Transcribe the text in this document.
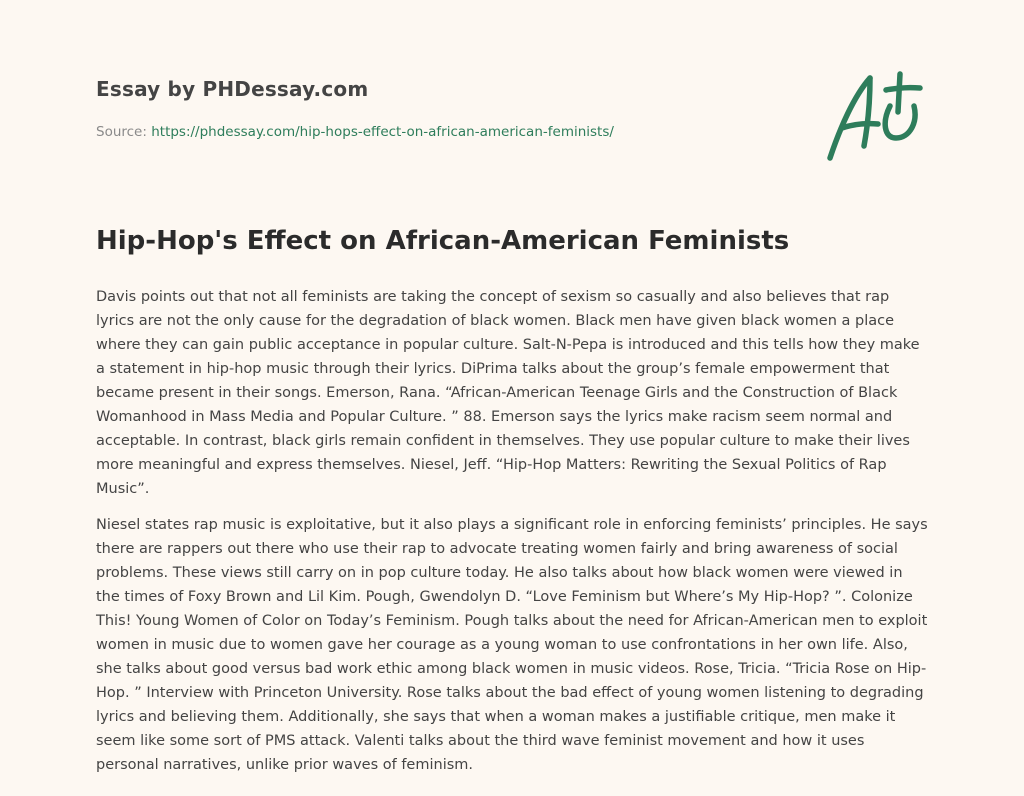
Essay by PHDessay.com
Source: https://phdessay.com/hip-hops-effect-on-african-american-feminists/
Hip-Hop's Effect on African-American Feminists

Davis points out that not all feminists are taking the concept of sexism so casually and also believes that rap lyrics are not the only cause for the degradation of black women. Black men have given black women a place where they can gain public acceptance in popular culture. Salt-N-Pepa is introduced and this tells how they make a statement in hip-hop music through their lyrics. DiPrima talks about the group’s female empowerment that became present in their songs. Emerson, Rana. “African-American Teenage Girls and the Construction of Black Womanhood in Mass Media and Popular Culture. ” 88. Emerson says the lyrics make racism seem normal and acceptable. In contrast, black girls remain confident in themselves. They use popular culture to make their lives more meaningful and express themselves. Niesel, Jeff. “Hip-Hop Matters: Rewriting the Sexual Politics of Rap Music”.

Niesel states rap music is exploitative, but it also plays a significant role in enforcing feminists’ principles. He says there are rappers out there who use their rap to advocate treating women fairly and bring awareness of social problems. These views still carry on in pop culture today. He also talks about how black women were viewed in the times of Foxy Brown and Lil Kim. Pough, Gwendolyn D. “Love Feminism but Where’s My Hip-Hop? ”. Colonize This! Young Women of Color on Today’s Feminism. Pough talks about the need for African-American men to exploit women in music due to women gave her courage as a young woman to use confrontations in her own life. Also, she talks about good versus bad work ethic among black women in music videos. Rose, Tricia. “Tricia Rose on Hip-Hop. ” Interview with Princeton University. Rose talks about the bad effect of young women listening to degrading lyrics and believing them. Additionally, she says that when a woman makes a justifiable critique, men make it seem like some sort of PMS attack. Valenti talks about the third wave feminist movement and how it uses personal narratives, unlike prior waves of feminism.
